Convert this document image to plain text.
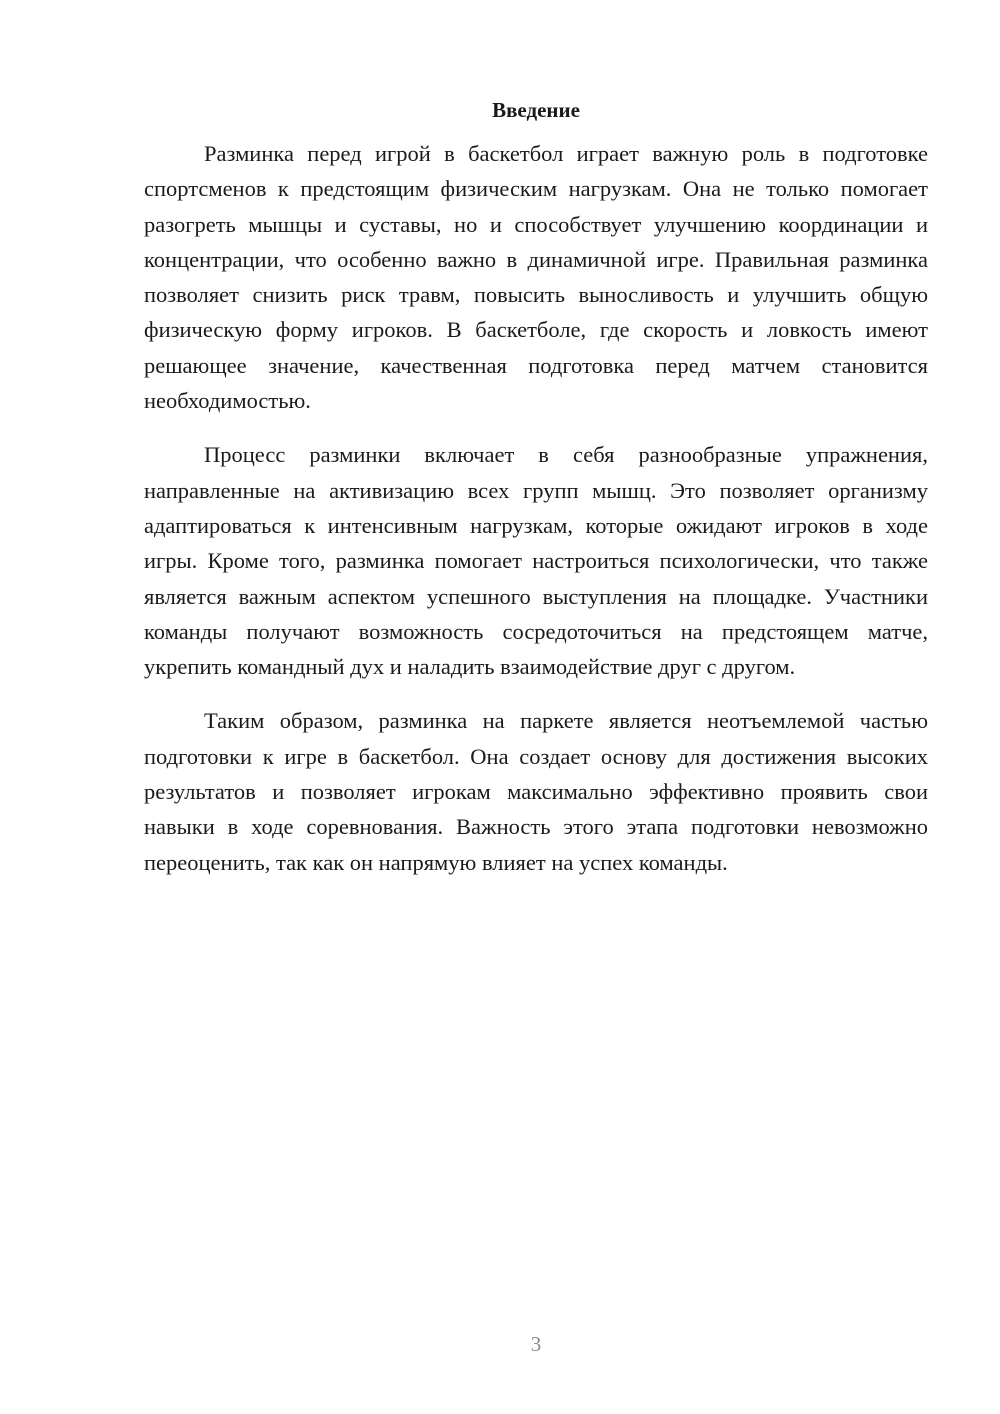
Введение

Разминка перед игрой в баскетбол играет важную роль в подготовке спортсменов к предстоящим физическим нагрузкам. Она не только помогает разогреть мышцы и суставы, но и способствует улучшению координации и концентрации, что особенно важно в динамичной игре. Правильная разминка позволяет снизить риск травм, повысить выносливость и улучшить общую физическую форму игроков. В баскетболе, где скорость и ловкость имеют решающее значение, качественная подготовка перед матчем становится необходимостью.

Процесс разминки включает в себя разнообразные упражнения, направленные на активизацию всех групп мышц. Это позволяет организму адаптироваться к интенсивным нагрузкам, которые ожидают игроков в ходе игры. Кроме того, разминка помогает настроиться психологически, что также является важным аспектом успешного выступления на площадке. Участники команды получают возможность сосредоточиться на предстоящем матче, укрепить командный дух и наладить взаимодействие друг с другом.

Таким образом, разминка на паркете является неотъемлемой частью подготовки к игре в баскетбол. Она создает основу для достижения высоких результатов и позволяет игрокам максимально эффективно проявить свои навыки в ходе соревнования. Важность этого этапа подготовки невозможно переоценить, так как он напрямую влияет на успех команды.

3
